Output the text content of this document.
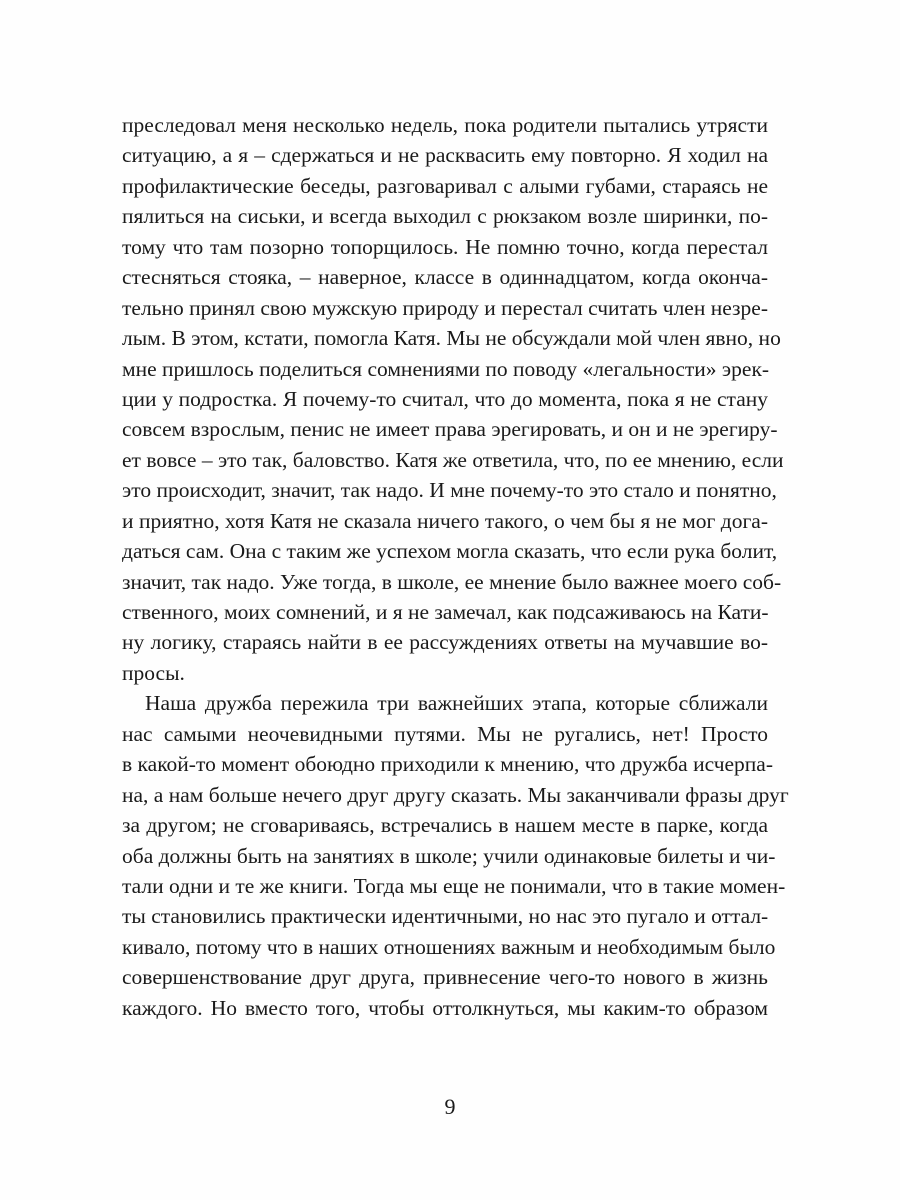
преследовал меня несколько недель, пока родители пытались утрясти
ситуацию, а я – сдержаться и не расквасить ему повторно. Я ходил на
профилактические беседы, разговаривал с алыми губами, стараясь не
пялиться на сиськи, и всегда выходил с рюкзаком возле ширинки, по-
тому что там позорно топорщилось. Не помню точно, когда перестал
стесняться стояка, – наверное, классе в одиннадцатом, когда оконча-
тельно принял свою мужскую природу и перестал считать член незре-
лым. В этом, кстати, помогла Катя. Мы не обсуждали мой член явно, но
мне пришлось поделиться сомнениями по поводу «легальности» эрек-
ции у подростка. Я почему-то считал, что до момента, пока я не стану
совсем взрослым, пенис не имеет права эрегировать, и он и не эрегиру-
ет вовсе – это так, баловство. Катя же ответила, что, по ее мнению, если
это происходит, значит, так надо. И мне почему-то это стало и понятно,
и приятно, хотя Катя не сказала ничего такого, о чем бы я не мог дога-
даться сам. Она с таким же успехом могла сказать, что если рука болит,
значит, так надо. Уже тогда, в школе, ее мнение было важнее моего соб-
ственного, моих сомнений, и я не замечал, как подсаживаюсь на Кати-
ну логику, стараясь найти в ее рассуждениях ответы на мучавшие во-
просы.
Наша дружба пережила три важнейших этапа, которые сближали
нас самыми неочевидными путями. Мы не ругались, нет! Просто
в какой-то момент обоюдно приходили к мнению, что дружба исчерпа-
на, а нам больше нечего друг другу сказать. Мы заканчивали фразы друг
за другом; не сговариваясь, встречались в нашем месте в парке, когда
оба должны быть на занятиях в школе; учили одинаковые билеты и чи-
тали одни и те же книги. Тогда мы еще не понимали, что в такие момен-
ты становились практически идентичными, но нас это пугало и оттал-
кивало, потому что в наших отношениях важным и необходимым было
совершенствование друг друга, привнесение чего-то нового в жизнь
каждого. Но вместо того, чтобы оттолкнуться, мы каким-то образом
9
